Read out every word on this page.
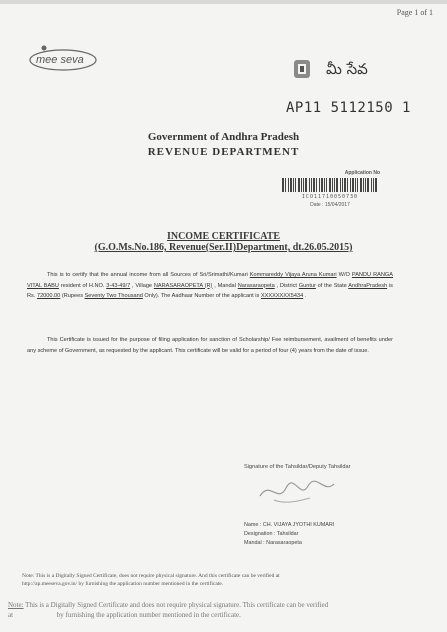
Page 1 of 1
mee seva	మీ సేవ
AP11 5112150 1
Government of Andhra Pradesh
REVENUE DEPARTMENT
Application No
ICO11710050730
Date : 15/04/2017
INCOME CERTIFICATE
(G.O.Ms.No.186, Revenue(Ser.II)Department, dt.26.05.2015)
This is to certify that the annual income from all Sources of Sri/Srimathi/Kumari Kommareddy Vijaya Aruna Kumari W/O PANDU RANGA VITAL BABU resident of H.NO. 3-43-49/7 , Village NARASARAOPETA (R) , Mandal Narasaraopeta , District Guntur of the State AndhraPradesh is Rs. 72000.00 (Rupees Seventy Two Thousand Only). The Aadhaar Number of the applicant is XXXXXXXX5434 .
This Certificate is issued for the purpose of filing application for sanction of Scholarship/ Fee reimbursement, availment of benefits under any scheme of Government, as requested by the applicant. This certificate will be valid for a period of four (4) years from the date of issue.
Signature of the Tahsildar/Deputy Tahsildar
Name : CH. VIJAYA JYOTHI KUMARI
Designation : Tahsildar
Mandal : Narasaraopeta
Note: This is a Digitally Signed Certificate, does not require physical signature. And this certificate can be verified at
http://ap.meeseva.gov.in/ by furnishing the application number mentioned in the certificate.
Note: This is a Digitally Signed Certificate and does not require physical signature. This certificate can be verified
at                         by furnishing the application number mentioned in the certificate.
